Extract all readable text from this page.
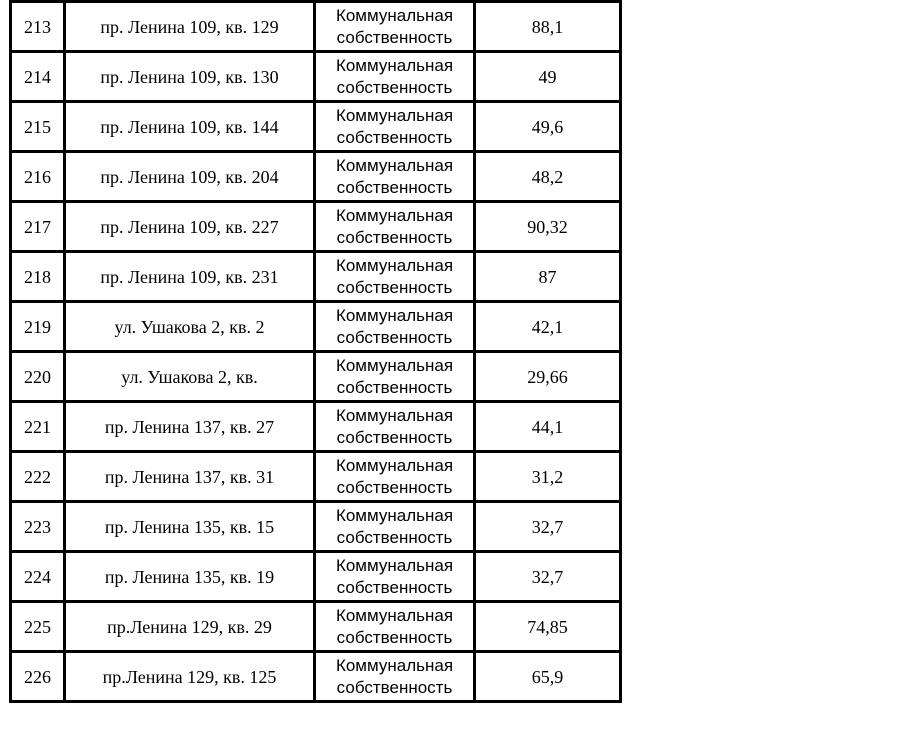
213	пр. Ленина 109, кв. 129	Коммунальная собственность	88,1
214	пр. Ленина 109, кв. 130	Коммунальная собственность	49
215	пр. Ленина 109, кв. 144	Коммунальная собственность	49,6
216	пр. Ленина 109, кв. 204	Коммунальная собственность	48,2
217	пр. Ленина 109, кв. 227	Коммунальная собственность	90,32
218	пр. Ленина 109, кв. 231	Коммунальная собственность	87
219	ул. Ушакова 2, кв. 2	Коммунальная собственность	42,1
220	ул. Ушакова 2, кв.	Коммунальная собственность	29,66
221	пр. Ленина 137, кв. 27	Коммунальная собственность	44,1
222	пр. Ленина 137, кв. 31	Коммунальная собственность	31,2
223	пр. Ленина 135, кв. 15	Коммунальная собственность	32,7
224	пр. Ленина 135, кв. 19	Коммунальная собственность	32,7
225	пр.Ленина 129, кв. 29	Коммунальная собственность	74,85
226	пр.Ленина 129, кв. 125	Коммунальная собственность	65,9
